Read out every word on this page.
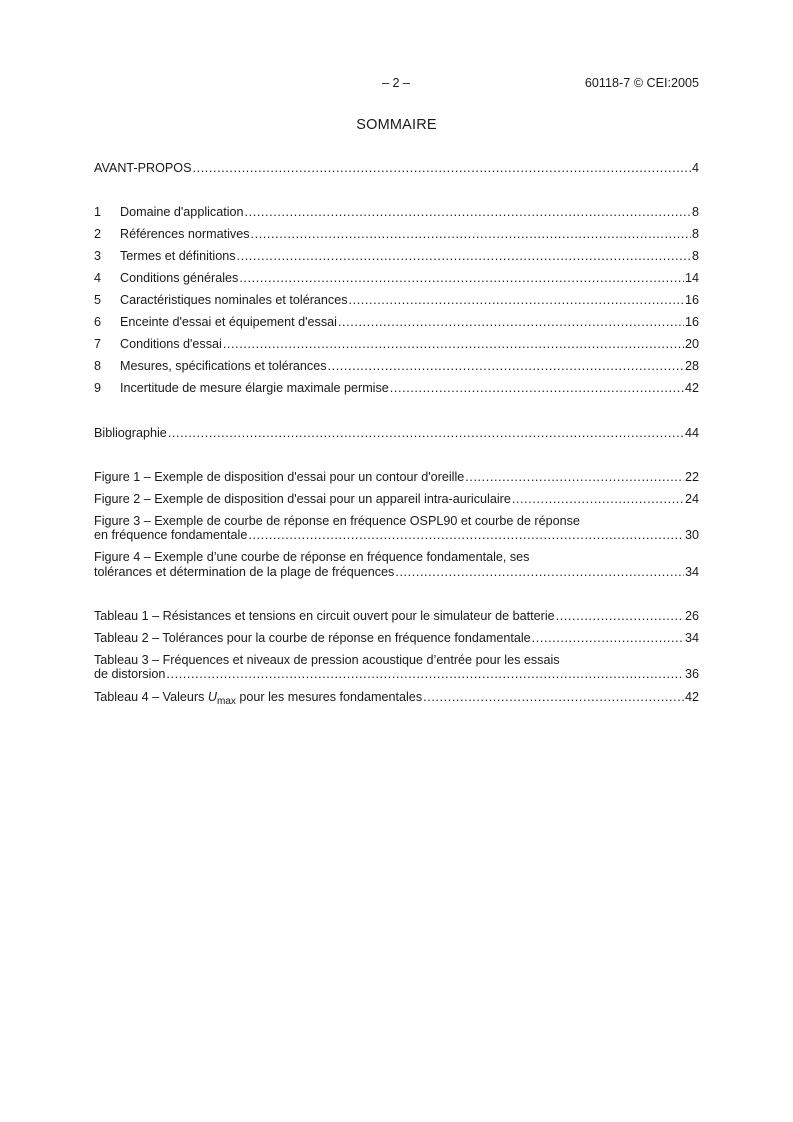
– 2 –	60118-7 © CEI:2005
SOMMAIRE
AVANT-PROPOS .....	4
1	Domaine d'application .....	8
2	Références normatives .....	8
3	Termes et définitions .....	8
4	Conditions générales .....	14
5	Caractéristiques nominales et tolérances .....	16
6	Enceinte d'essai et équipement d'essai .....	16
7	Conditions d'essai .....	20
8	Mesures, spécifications et tolérances .....	28
9	Incertitude de mesure élargie maximale permise .....	42
Bibliographie .....	44
Figure 1 – Exemple de disposition d'essai pour un contour d'oreille .....	22
Figure 2 – Exemple de disposition d'essai pour un appareil intra-auriculaire .....	24
Figure 3 – Exemple de courbe de réponse en fréquence OSPL90 et courbe de réponse
en fréquence fondamentale .....	30
Figure 4 – Exemple d’une courbe de réponse en fréquence fondamentale, ses
tolérances et détermination de la plage de fréquences .....	34
Tableau 1 – Résistances et tensions en circuit ouvert pour le simulateur de batterie .....	26
Tableau 2 – Tolérances pour la courbe de réponse en fréquence fondamentale .....	34
Tableau 3 – Fréquences et niveaux de pression acoustique d’entrée pour les essais
de distorsion .....	36
Tableau 4 – Valeurs $U_{max}$ pour les mesures fondamentales .....	42
